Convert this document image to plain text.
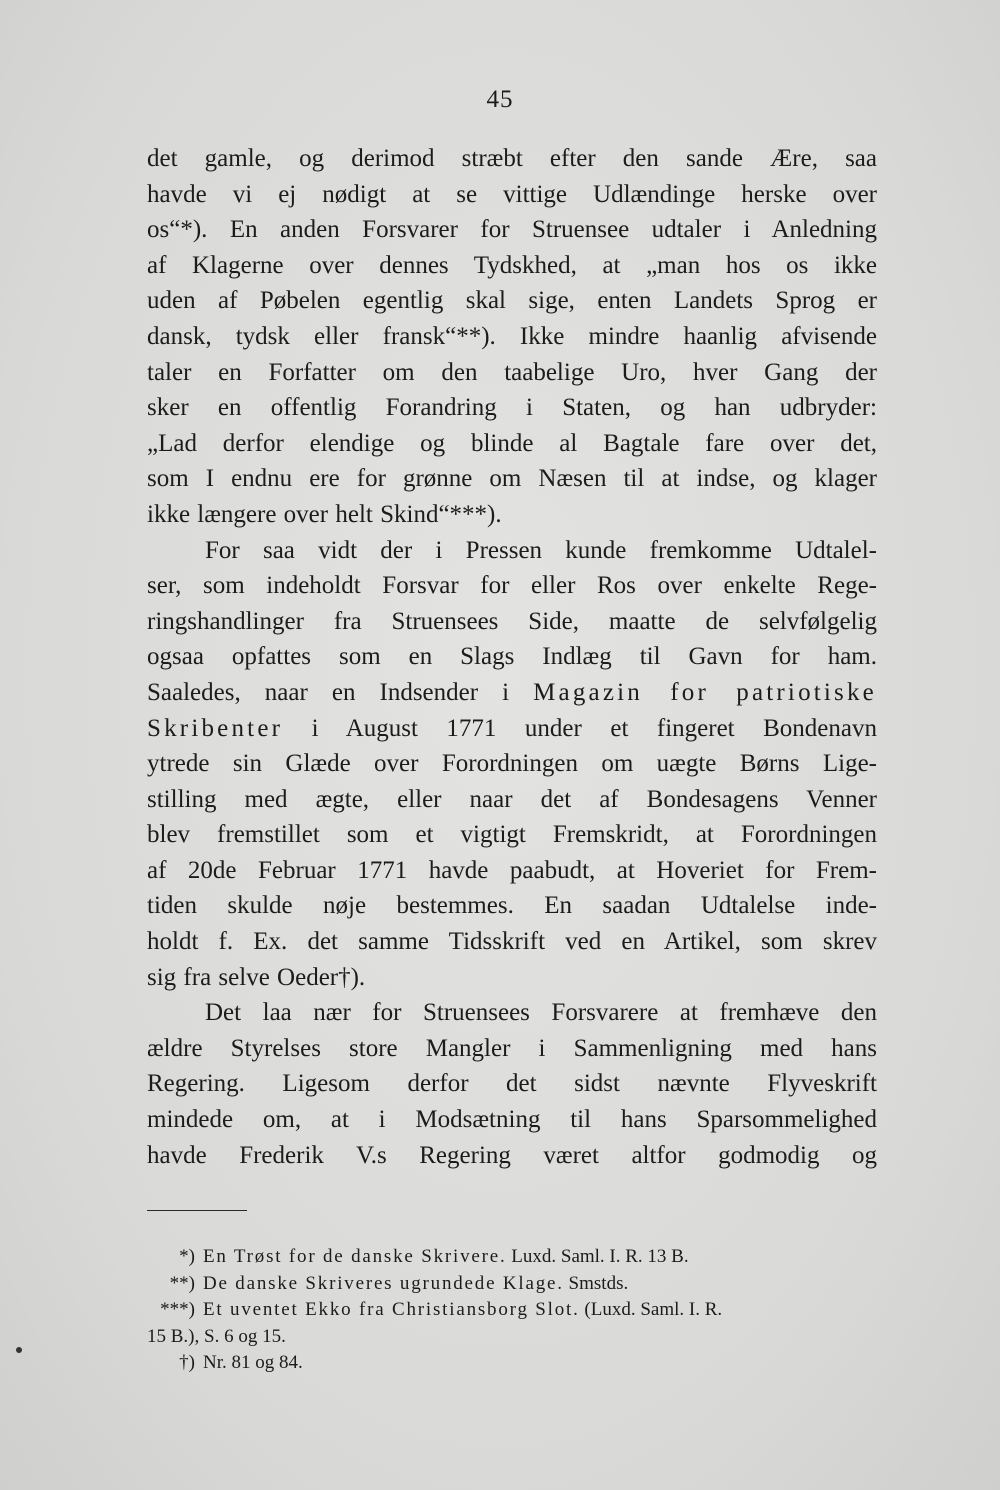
45
det gamle, og derimod stræbt efter den sande Ære, saa
havde vi ej nødigt at se vittige Udlændinge herske over
os“*). En anden Forsvarer for Struensee udtaler i Anledning
af Klagerne over dennes Tydskhed, at „man hos os ikke
uden af Pøbelen egentlig skal sige, enten Landets Sprog er
dansk, tydsk eller fransk“**). Ikke mindre haanlig afvisende
taler en Forfatter om den taabelige Uro, hver Gang der
sker en offentlig Forandring i Staten, og han udbryder:
„Lad derfor elendige og blinde al Bagtale fare over det,
som I endnu ere for grønne om Næsen til at indse, og klager
ikke længere over helt Skind“***).
For saa vidt der i Pressen kunde fremkomme Udtalel-
ser, som indeholdt Forsvar for eller Ros over enkelte Rege-
ringshandlinger fra Struensees Side, maatte de selvfølgelig
ogsaa opfattes som en Slags Indlæg til Gavn for ham.
Saaledes, naar en Indsender i Magazin for patriotiske
Skribenter i August 1771 under et fingeret Bondenavn
ytrede sin Glæde over Forordningen om uægte Børns Lige-
stilling med ægte, eller naar det af Bondesagens Venner
blev fremstillet som et vigtigt Fremskridt, at Forordningen
af 20de Februar 1771 havde paabudt, at Hoveriet for Frem-
tiden skulde nøje bestemmes. En saadan Udtalelse inde-
holdt f. Ex. det samme Tidsskrift ved en Artikel, som skrev
sig fra selve Oeder†).
Det laa nær for Struensees Forsvarere at fremhæve den
ældre Styrelses store Mangler i Sammenligning med hans
Regering. Ligesom derfor det sidst nævnte Flyveskrift
mindede om, at i Modsætning til hans Sparsommelighed
havde Frederik V.s Regering været altfor godmodig og
*) En Trøst for de danske Skrivere. Luxd. Saml. I. R. 13 B.
**) De danske Skriveres ugrundede Klage. Smstds.
***) Et uventet Ekko fra Christiansborg Slot. (Luxd. Saml. I. R.
15 B.), S. 6 og 15.
†) Nr. 81 og 84.
